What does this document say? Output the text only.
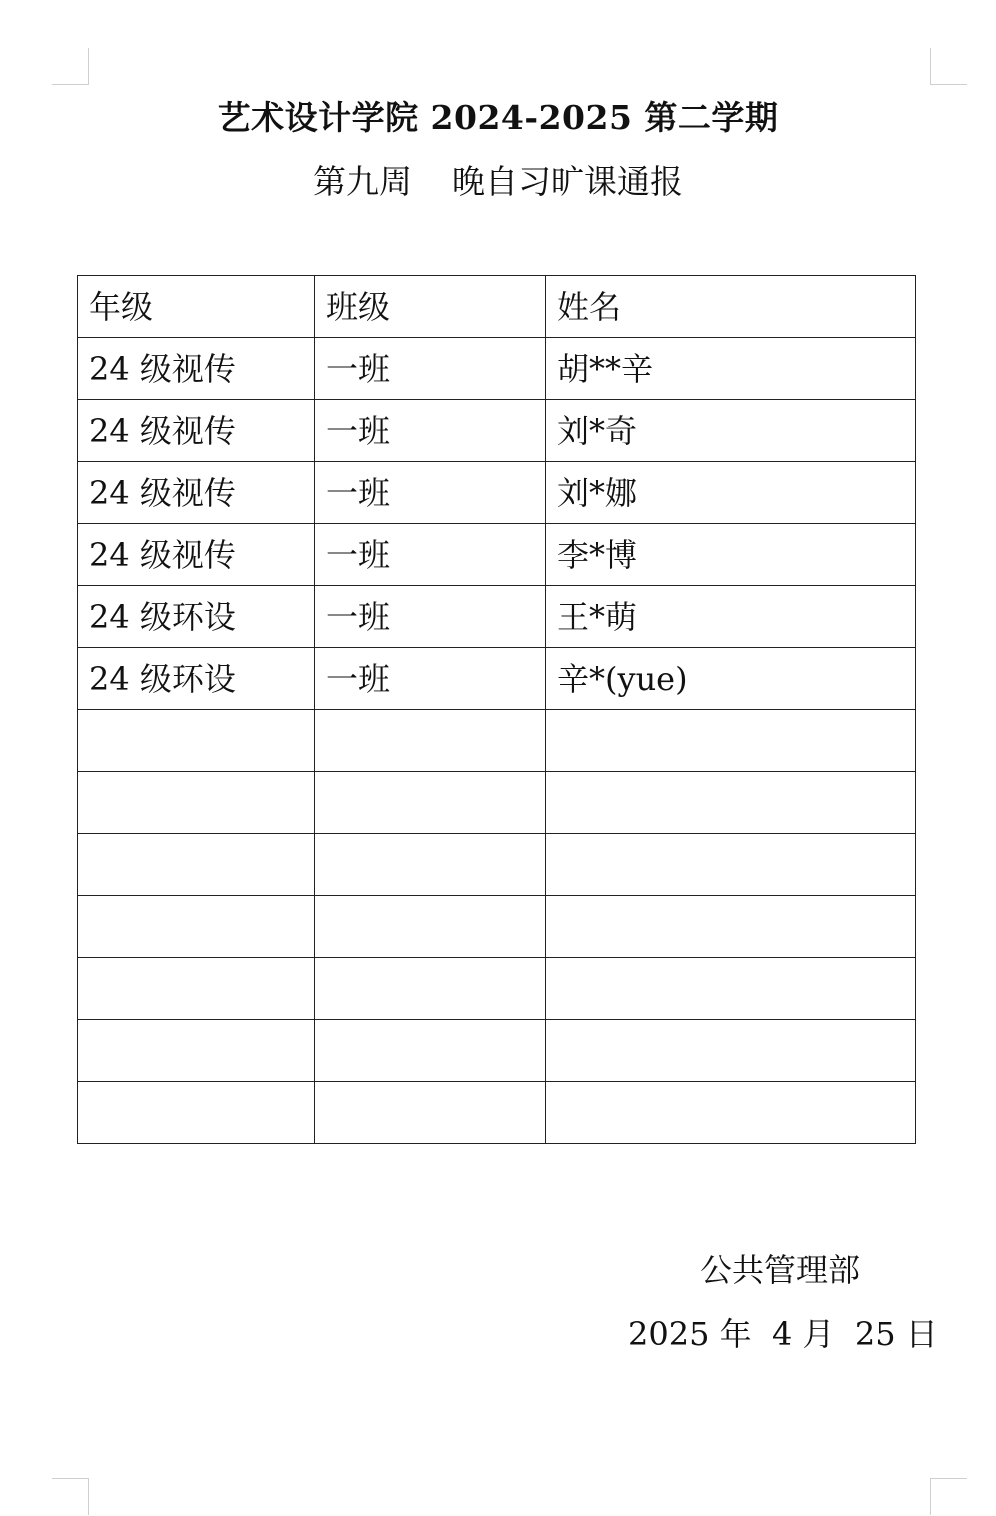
艺术设计学院 2024-2025 第二学期
第九周 晚自习旷课通报
年级	班级	姓名
24 级视传	一班	胡**辛
24 级视传	一班	刘*奇
24 级视传	一班	刘*娜
24 级视传	一班	李*博
24 级环设	一班	王*萌
24 级环设	一班	辛*(yue)

公共管理部
2025 年  4 月  25 日
